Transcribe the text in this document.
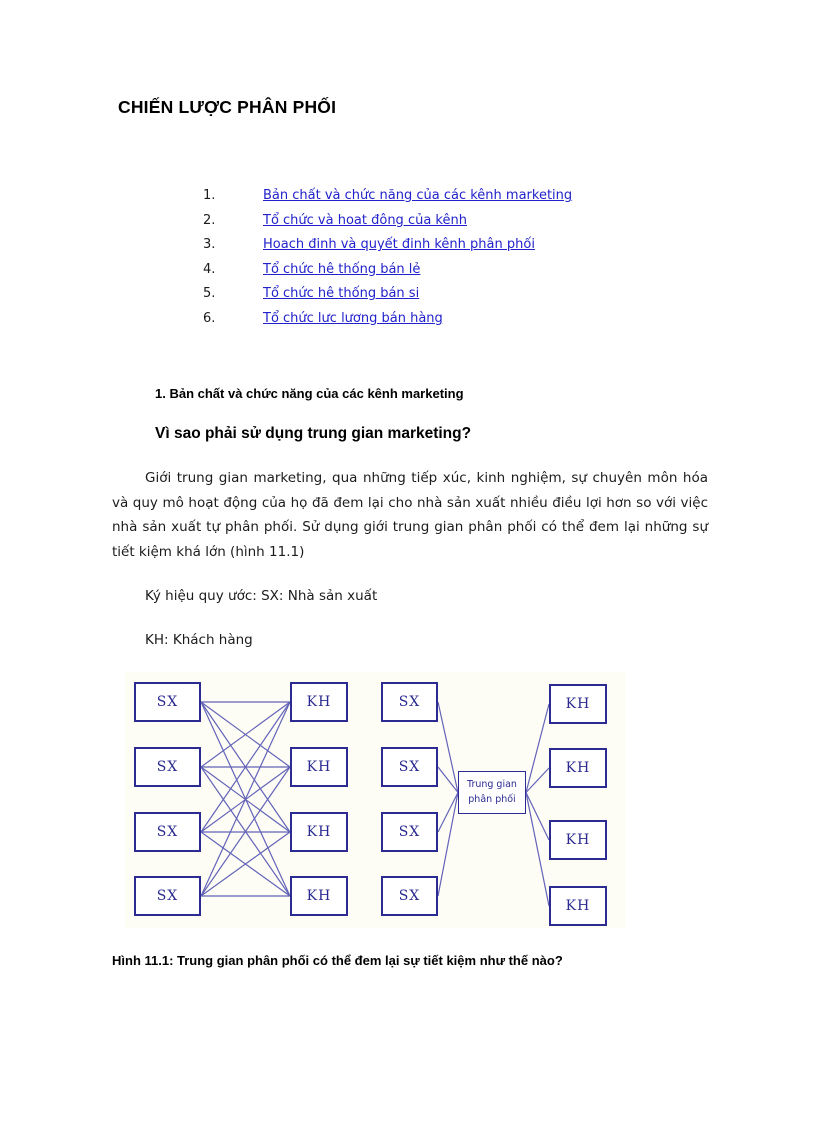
CHIẾN LƯỢC PHÂN PHỐI
1.	Bản chất và chức năng của các kênh marketing
2.	Tổ chức và hoat đông của kênh
3.	Hoach đinh và quyết đinh kênh phân phối
4.	Tổ chức hê thống bán lẻ
5.	Tổ chức hê thống bán si
6.	Tổ chức lưc lương bán hàng
1. Bản chất và chức năng của các kênh marketing
Vì sao phải sử dụng trung gian marketing?
Giới trung gian marketing, qua những tiếp xúc, kinh nghiệm, sự chuyên môn hóa và quy mô hoạt động của họ đã đem lại cho nhà sản xuất nhiều điều lợi hơn so với việc nhà sản xuất tự phân phối. Sử dụng giới trung gian phân phối có thể đem lại những sự tiết kiệm khá lớn (hình 11.1)
Ký hiệu quy ước: SX: Nhà sản xuất
KH: Khách hàng
SX
SX
SX
SX
KH
KH
KH
KH
SX
SX
SX
SX
KH
KH
KH
KH
Trung gian
phân phối
Hình 11.1: Trung gian phân phối có thể đem lại sự tiết kiệm như thế nào?
